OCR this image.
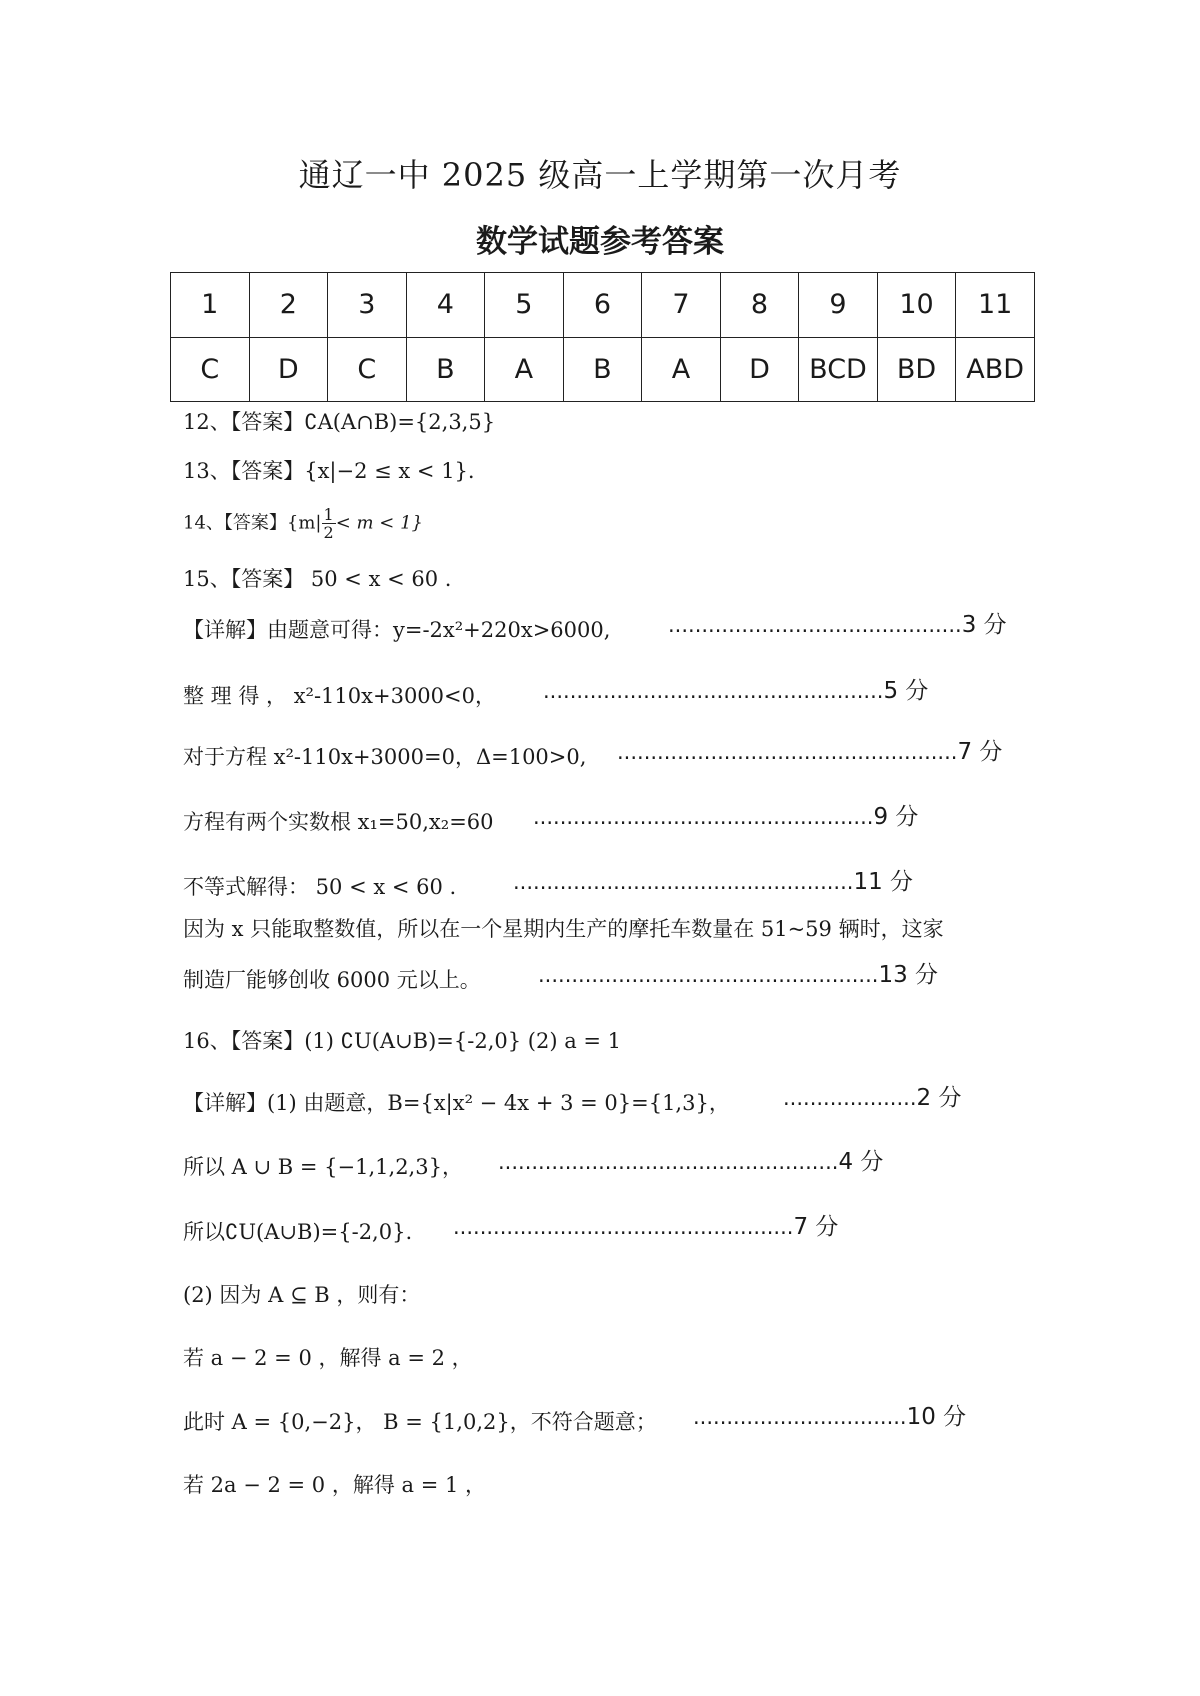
通辽一中 2025 级高一上学期第一次月考
数学试题参考答案
1	2	3	4	5	6	7	8	9	10	11
C	D	C	B	A	B	A	D	BCD	BD	ABD
12、【答案】∁A(A∩B)={2,3,5}
13、【答案】{x|−2 ≤ x < 1}.
14、【答案】$\{m| \frac{1}{2} < m < 1\}$
15、【答案】 50 < x < 60 .
【详解】由题意可得：y=-2x²+220x>6000,	............................................3 分
整 理 得 ， x²-110x+3000<0， ...................................................5 分
对于方程 x²-110x+3000=0，Δ=100>0, ...................................................7 分
方程有两个实数根 x₁=50,x₂=60 ...................................................9 分
不等式解得： 50 < x < 60 .	...................................................11 分
因为 x 只能取整数值，所以在一个星期内生产的摩托车数量在 51~59 辆时，这家
制造厂能够创收 6000 元以上。	...................................................13 分
16、【答案】(1) ∁U(A∪B)={-2,0} (2) a = 1
【详解】(1) 由题意，B={x|x² − 4x + 3 = 0}={1,3}，	....................2 分
所以 A ∪ B = {−1,1,2,3}， ...................................................4 分
所以∁U(A∪B)={-2,0}. ...................................................7 分
(2) 因为 A ⊆ B ，则有：
若 a − 2 = 0 ，解得 a = 2 ，
此时 A = {0,−2}， B = {1,0,2}，不符合题意； ................................10 分
若 2a − 2 = 0 ，解得 a = 1 ，
